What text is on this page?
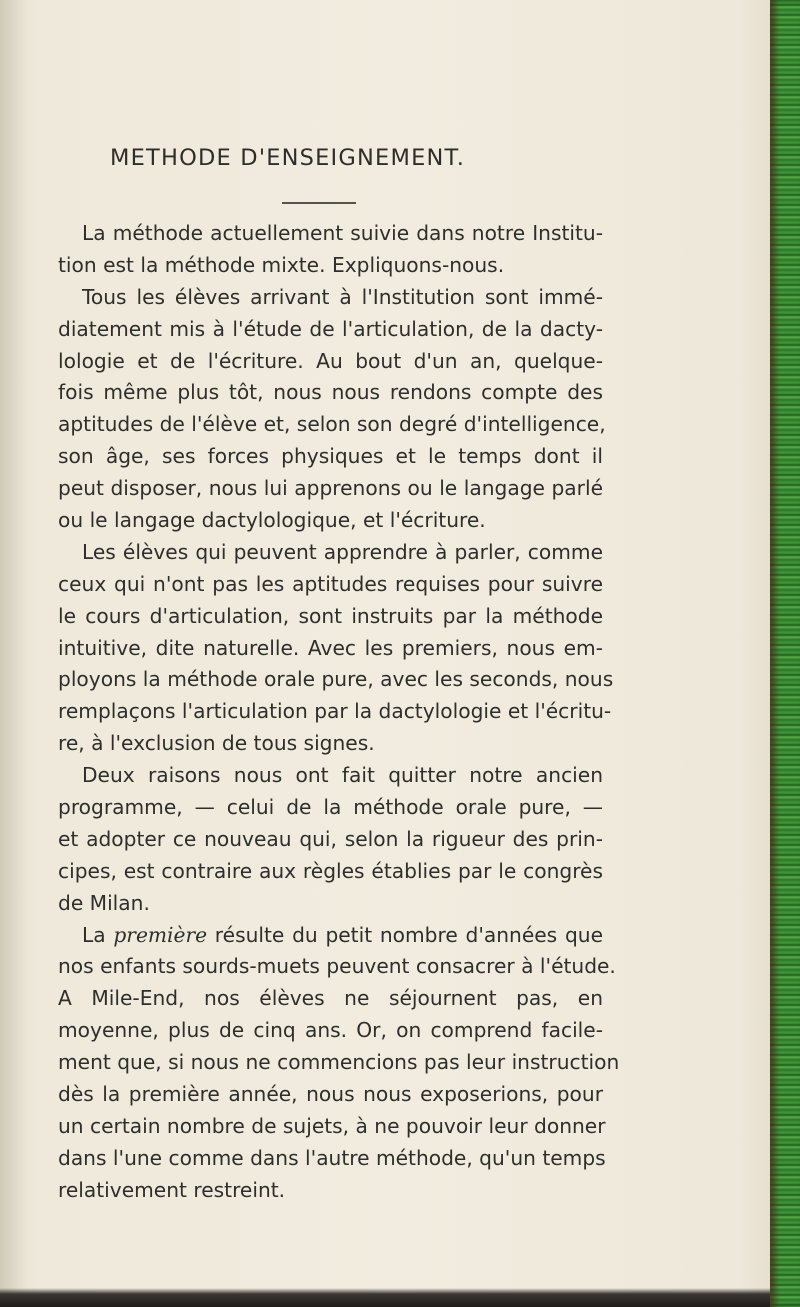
METHODE D'ENSEIGNEMENT.
La méthode actuellement suivie dans notre Institu-
tion est la méthode mixte. Expliquons-nous.
Tous les élèves arrivant à l'Institution sont immé-
diatement mis à l'étude de l'articulation, de la dacty-
lologie et de l'écriture. Au bout d'un an, quelque-
fois même plus tôt, nous nous rendons compte des
aptitudes de l'élève et, selon son degré d'intelligence,
son âge, ses forces physiques et le temps dont il
peut disposer, nous lui apprenons ou le langage parlé
ou le langage dactylologique, et l'écriture.
Les élèves qui peuvent apprendre à parler, comme
ceux qui n'ont pas les aptitudes requises pour suivre
le cours d'articulation, sont instruits par la méthode
intuitive, dite naturelle. Avec les premiers, nous em-
ployons la méthode orale pure, avec les seconds, nous
remplaçons l'articulation par la dactylologie et l'écritu-
re, à l'exclusion de tous signes.
Deux raisons nous ont fait quitter notre ancien
programme, — celui de la méthode orale pure, —
et adopter ce nouveau qui, selon la rigueur des prin-
cipes, est contraire aux règles établies par le congrès
de Milan.
La première résulte du petit nombre d'années que
nos enfants sourds-muets peuvent consacrer à l'étude.
A Mile-End, nos élèves ne séjournent pas, en
moyenne, plus de cinq ans. Or, on comprend facile-
ment que, si nous ne commencions pas leur instruction
dès la première année, nous nous exposerions, pour
un certain nombre de sujets, à ne pouvoir leur donner
dans l'une comme dans l'autre méthode, qu'un temps
relativement restreint.
